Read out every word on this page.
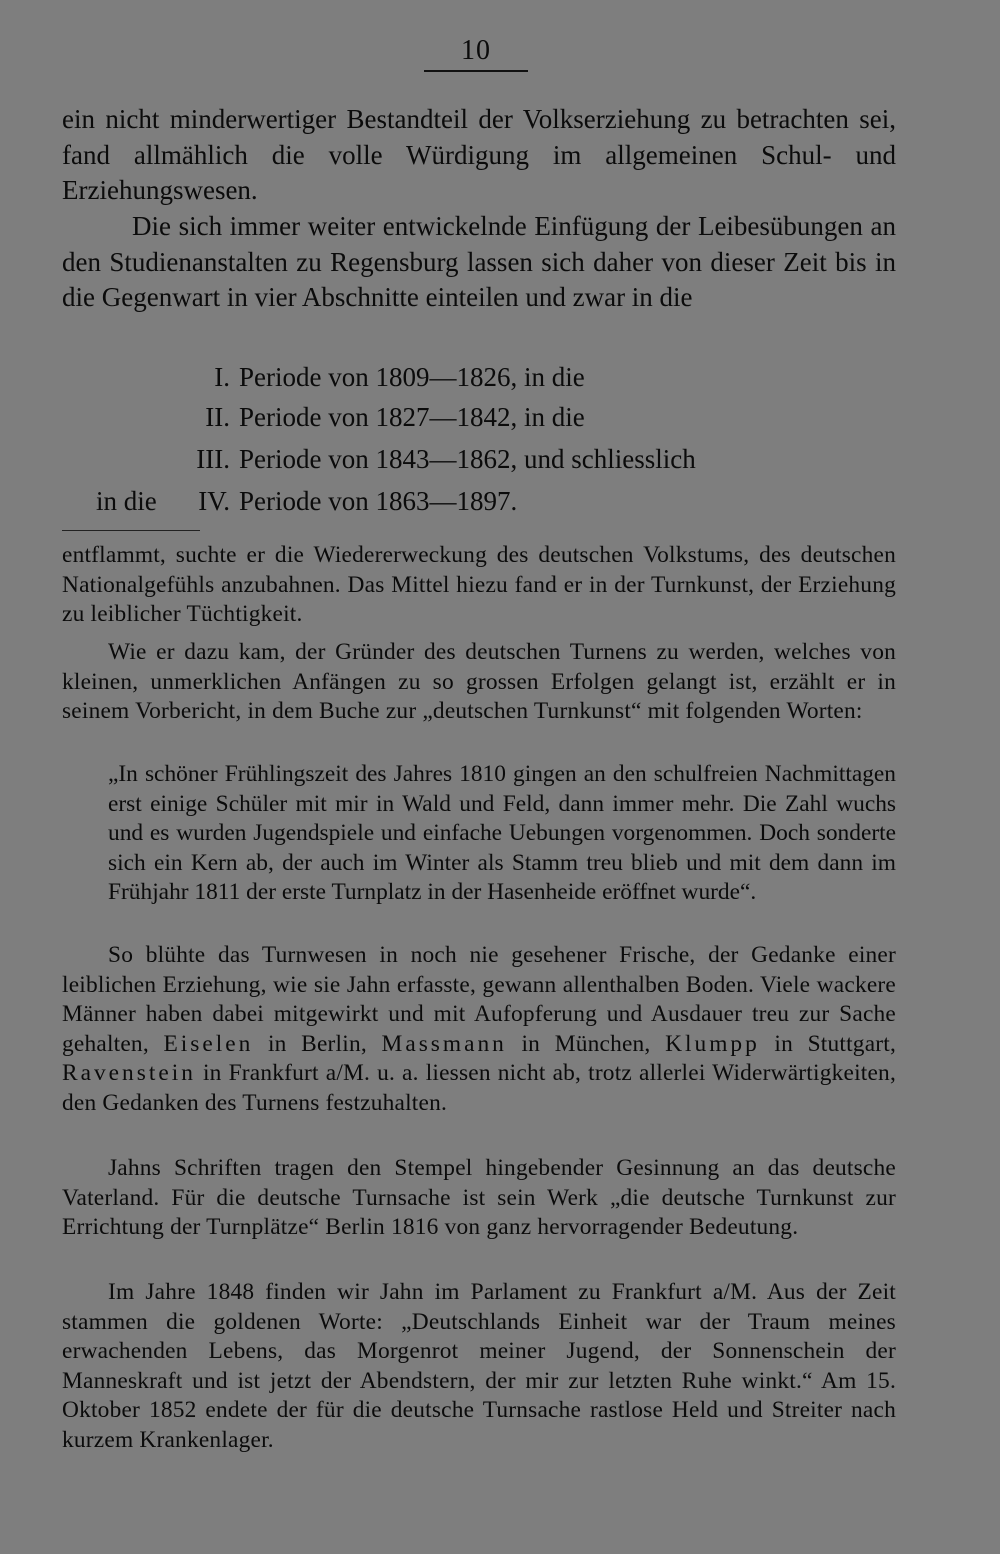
10

ein nicht minderwertiger Bestandteil der Volkserziehung zu betrachten sei, fand allmählich die volle Würdigung im allgemeinen Schul- und Erziehungswesen.

Die sich immer weiter entwickelnde Einfügung der Leibesübungen an den Studienanstalten zu Regensburg lassen sich daher von dieser Zeit bis in die Gegenwart in vier Abschnitte einteilen und zwar in die

I. Periode von 1809—1826, in die
II. Periode von 1827—1842, in die
III. Periode von 1843—1862, und schliesslich
in die	IV. Periode von 1863—1897.

entflammt, suchte er die Wiedererweckung des deutschen Volkstums, des deutschen Nationalgefühls anzubahnen. Das Mittel hiezu fand er in der Turnkunst, der Erziehung zu leiblicher Tüchtigkeit.

Wie er dazu kam, der Gründer des deutschen Turnens zu werden, welches von kleinen, unmerklichen Anfängen zu so grossen Erfolgen gelangt ist, erzählt er in seinem Vorbericht, in dem Buche zur „deutschen Turnkunst“ mit folgenden Worten:

„In schöner Frühlingszeit des Jahres 1810 gingen an den schulfreien Nachmittagen erst einige Schüler mit mir in Wald und Feld, dann immer mehr. Die Zahl wuchs und es wurden Jugendspiele und einfache Uebungen vorgenommen. Doch sonderte sich ein Kern ab, der auch im Winter als Stamm treu blieb und mit dem dann im Frühjahr 1811 der erste Turnplatz in der Hasenheide eröffnet wurde“.

So blühte das Turnwesen in noch nie gesehener Frische, der Gedanke einer leiblichen Erziehung, wie sie Jahn erfasste, gewann allenthalben Boden. Viele wackere Männer haben dabei mitgewirkt und mit Aufopferung und Ausdauer treu zur Sache gehalten, Eiselen in Berlin, Massmann in München, Klumpp in Stuttgart, Ravenstein in Frankfurt a/M. u. a. liessen nicht ab, trotz allerlei Widerwärtigkeiten, den Gedanken des Turnens festzuhalten.

Jahns Schriften tragen den Stempel hingebender Gesinnung an das deutsche Vaterland. Für die deutsche Turnsache ist sein Werk „die deutsche Turnkunst zur Errichtung der Turnplätze“ Berlin 1816 von ganz hervorragender Bedeutung.

Im Jahre 1848 finden wir Jahn im Parlament zu Frankfurt a/M. Aus der Zeit stammen die goldenen Worte: „Deutschlands Einheit war der Traum meines erwachenden Lebens, das Morgenrot meiner Jugend, der Sonnenschein der Manneskraft und ist jetzt der Abendstern, der mir zur letzten Ruhe winkt.“ Am 15. Oktober 1852 endete der für die deutsche Turnsache rastlose Held und Streiter nach kurzem Krankenlager.
